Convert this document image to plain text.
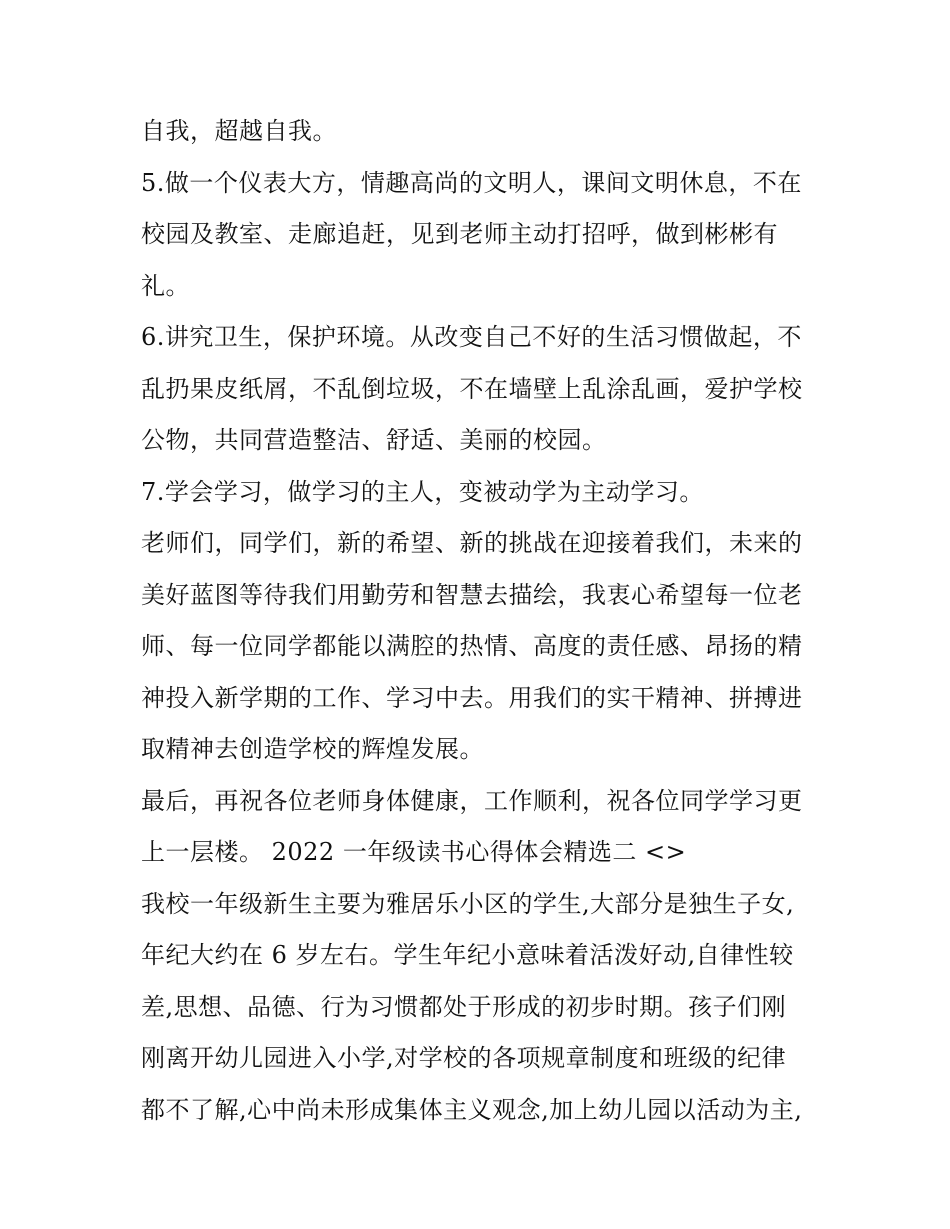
自我，超越自我。
5.做一个仪表大方，情趣高尚的文明人，课间文明休息，不在
校园及教室、走廊追赶，见到老师主动打招呼，做到彬彬有
礼。
6.讲究卫生，保护环境。从改变自己不好的生活习惯做起，不
乱扔果皮纸屑，不乱倒垃圾，不在墙壁上乱涂乱画，爱护学校
公物，共同营造整洁、舒适、美丽的校园。
7.学会学习，做学习的主人，变被动学为主动学习。
老师们，同学们，新的希望、新的挑战在迎接着我们，未来的
美好蓝图等待我们用勤劳和智慧去描绘，我衷心希望每一位老
师、每一位同学都能以满腔的热情、高度的责任感、昂扬的精
神投入新学期的工作、学习中去。用我们的实干精神、拼搏进
取精神去创造学校的辉煌发展。
最后，再祝各位老师身体健康，工作顺利，祝各位同学学习更
上一层楼。 2022 一年级读书心得体会精选二 <>
我校一年级新生主要为雅居乐小区的学生,大部分是独生子女,
年纪大约在 6 岁左右。学生年纪小意味着活泼好动,自律性较
差,思想、品德、行为习惯都处于形成的初步时期。孩子们刚
刚离开幼儿园进入小学,对学校的各项规章制度和班级的纪律
都不了解,心中尚未形成集体主义观念,加上幼儿园以活动为主,
